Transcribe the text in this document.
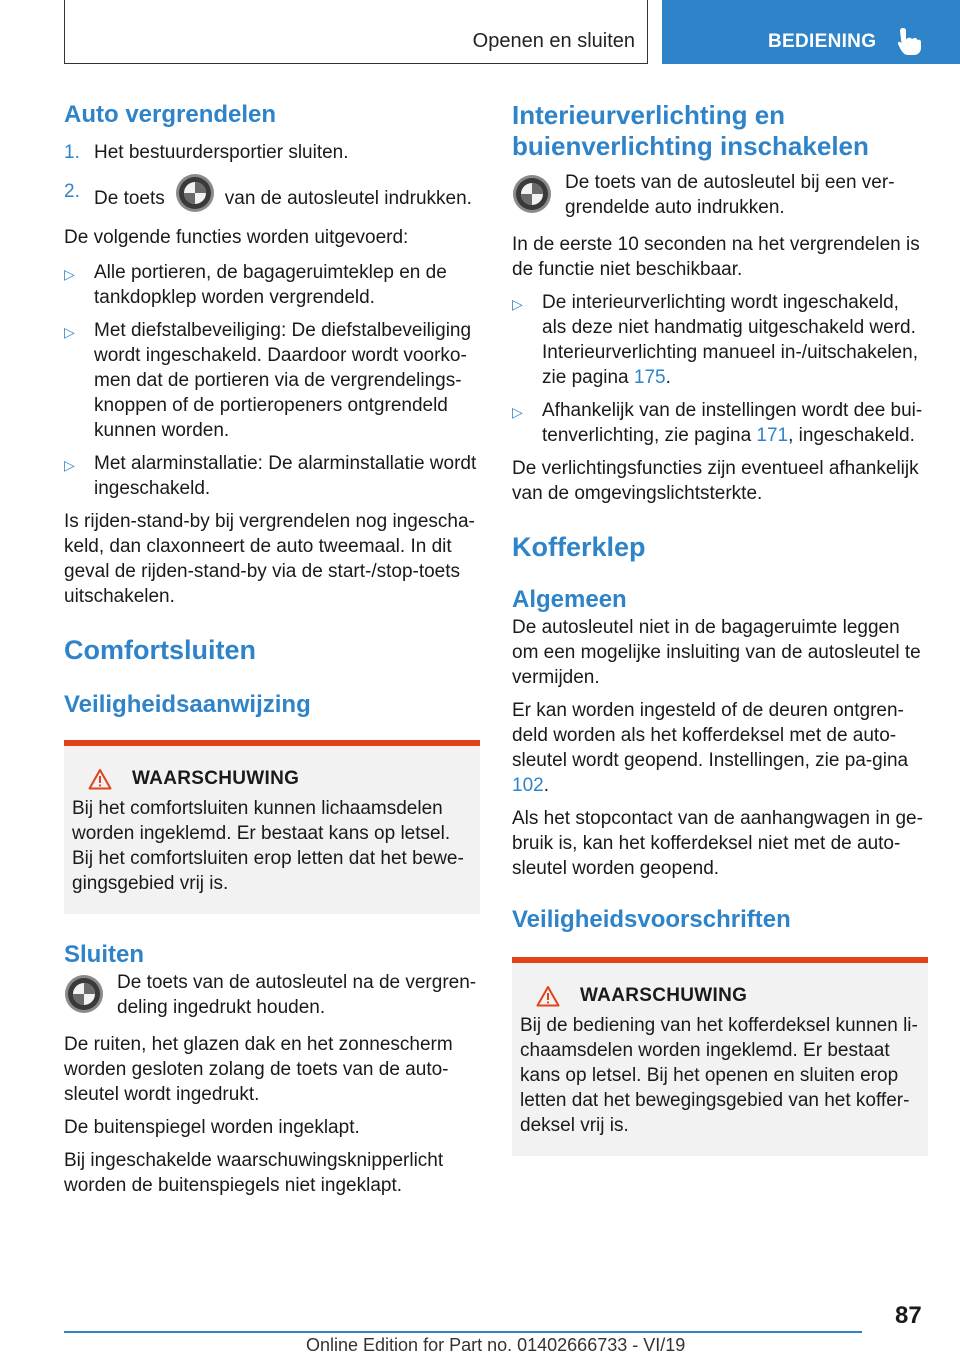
Openen en sluiten	BEDIENING
Auto vergrendelen
1. Het bestuurdersportier sluiten.
2. De toets	van de autosleutel indrukken.

De volgende functies worden uitgevoerd:

▷	Alle portieren, de bagageruimteklep en de tankdopklep worden vergrendeld.
▷	Met diefstalbeveiliging: De diefstalbeveiliging wordt ingeschakeld. Daardoor wordt voorko-men dat de portieren via de vergrendelings-knoppen of de portieropeners ontgrendeld kunnen worden.
▷	Met alarminstallatie: De alarminstallatie wordt ingeschakeld.

Is rijden-stand-by bij vergrendelen nog ingescha-keld, dan claxonneert de auto tweemaal. In dit geval de rijden-stand-by via de start-/stop-toets uitschakelen.

Comfortsluiten
Veiligheidsaanwijzing
WAARSCHUWING

Bij het comfortsluiten kunnen lichaamsdelen worden ingeklemd. Er bestaat kans op letsel. Bij het comfortsluiten erop letten dat het bewe-gingsgebied vrij is.

Sluiten
De toets van de autosleutel na de vergren-deling ingedrukt houden.

De ruiten, het glazen dak en het zonnescherm worden gesloten zolang de toets van de auto-sleutel wordt ingedrukt.

De buitenspiegel worden ingeklapt.

Bij ingeschakelde waarschuwingsknipperlicht worden de buitenspiegels niet ingeklapt.

Interieurverlichting en buienverlichting inschakelen
De toets van de autosleutel bij een ver-grendelde auto indrukken.

In de eerste 10 seconden na het vergrendelen is de functie niet beschikbaar.

▷	De interieurverlichting wordt ingeschakeld, als deze niet handmatig uitgeschakeld werd. Interieurverlichting manueel in-/uitschakelen, zie pagina 175.
▷	Afhankelijk van de instellingen wordt dee bui-tenverlichting, zie pagina 171, ingeschakeld.

De verlichtingsfuncties zijn eventueel afhankelijk van de omgevingslichtsterkte.

Kofferklep
Algemeen

De autosleutel niet in de bagageruimte leggen om een mogelijke insluiting van de autosleutel te vermijden.

Er kan worden ingesteld of de deuren ontgren-deld worden als het kofferdeksel met de auto-sleutel wordt geopend. Instellingen, zie pa-gina 102.

Als het stopcontact van de aanhangwagen in ge-bruik is, kan het kofferdeksel niet met de auto-sleutel worden geopend.

Veiligheidsvoorschriften
WAARSCHUWING

Bij de bediening van het kofferdeksel kunnen li-chaamsdelen worden ingeklemd. Er bestaat kans op letsel. Bij het openen en sluiten erop letten dat het bewegingsgebied van het koffer-deksel vrij is.

87
Online Edition for Part no. 01402666733 - VI/19
